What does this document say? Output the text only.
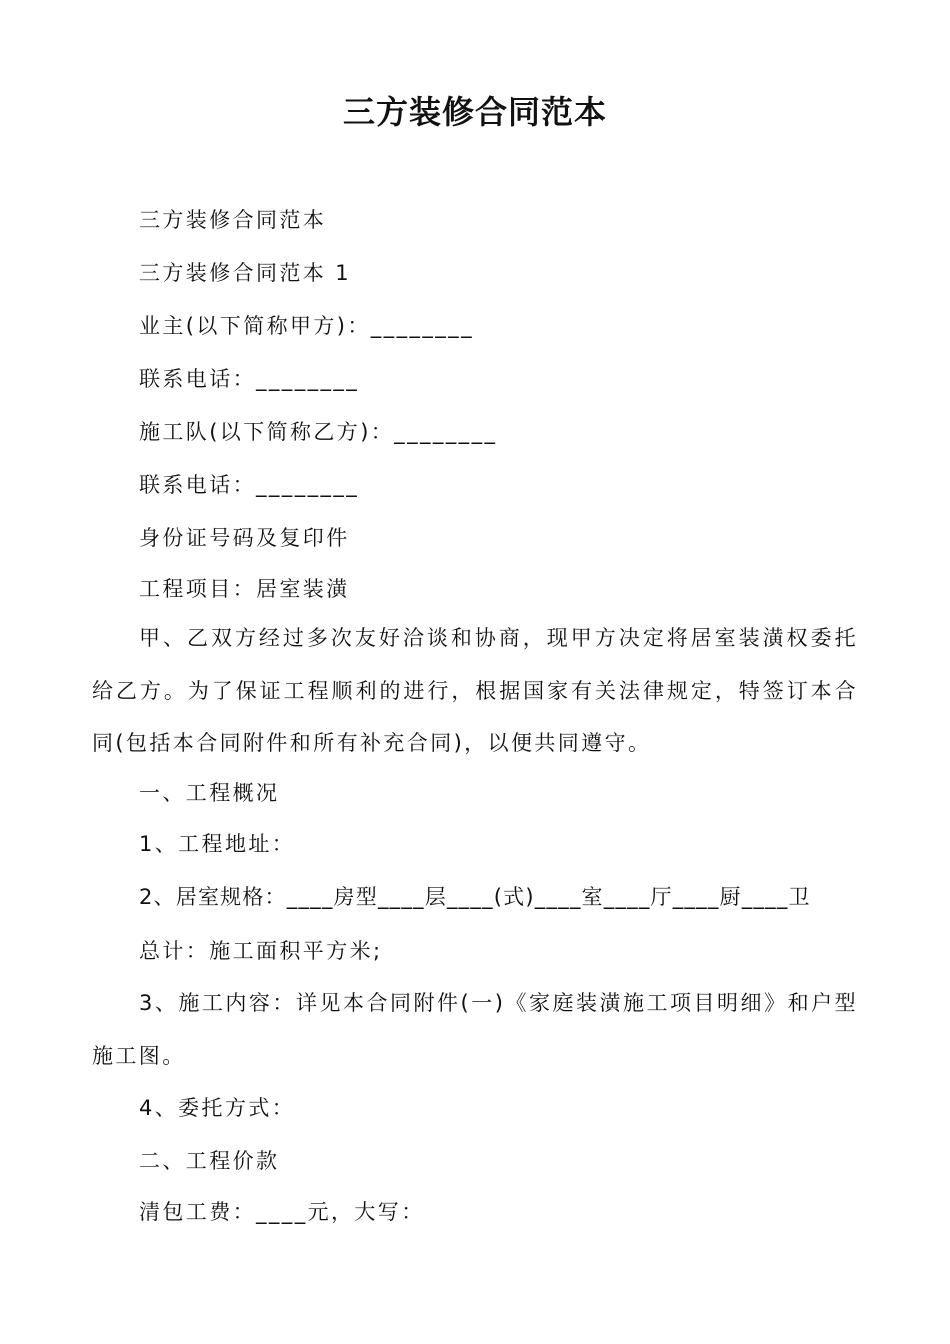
三方装修合同范本
三方装修合同范本
三方装修合同范本 1
业主(以下简称甲方)：________
联系电话：________
施工队(以下简称乙方)：________
联系电话：________
身份证号码及复印件
工程项目：居室装潢
甲、乙双方经过多次友好洽谈和协商，现甲方决定将居室装潢权委托给乙方。为了保证工程顺利的进行，根据国家有关法律规定，特签订本合同(包括本合同附件和所有补充合同)，以便共同遵守。
一、工程概况
1、工程地址：
2、居室规格：____房型____层____(式)____室____厅____厨____卫
总计：施工面积平方米;
3、施工内容：详见本合同附件(一)《家庭装潢施工项目明细》和户型施工图。
4、委托方式：
二、工程价款
清包工费：____元，大写：
